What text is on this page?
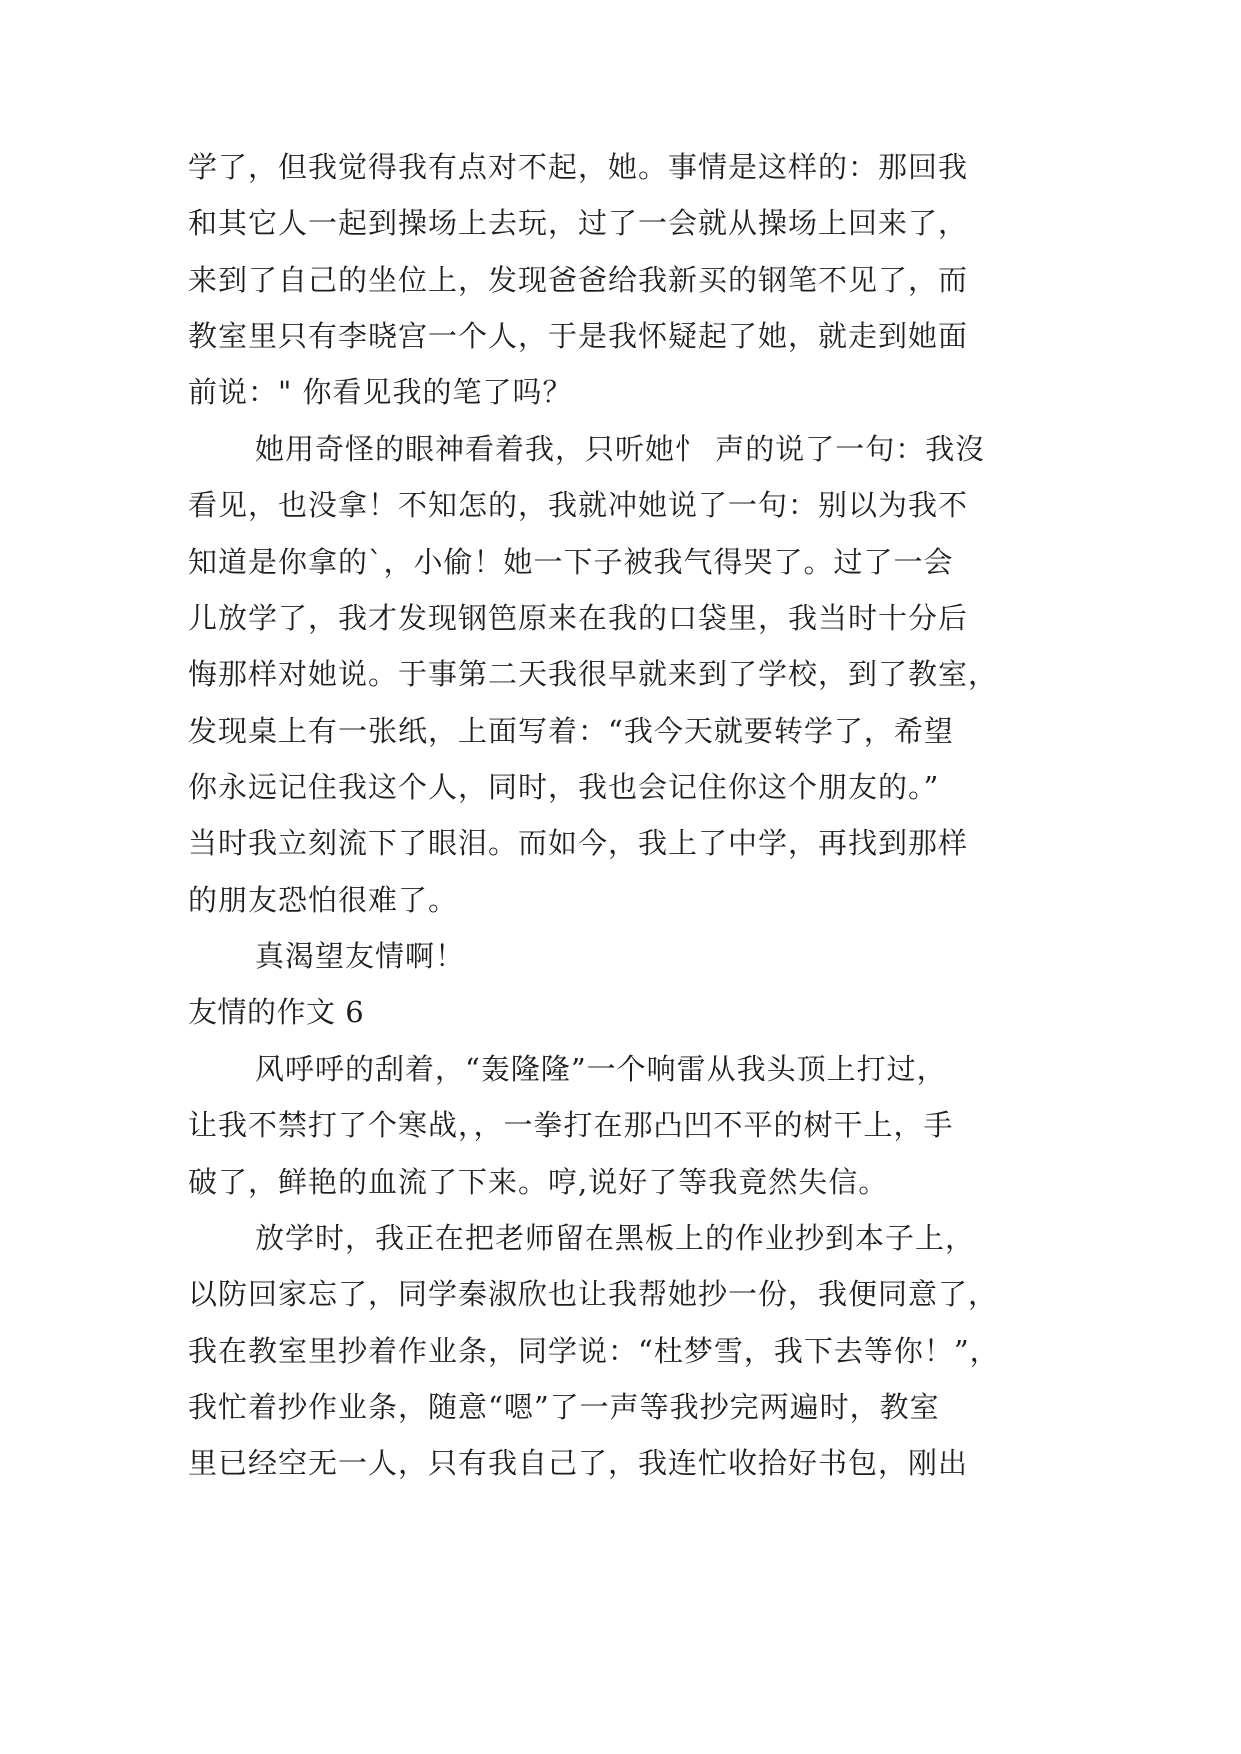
学了，但我觉得我有点对不起，她。事情是这样的：那回我
和其它人一起到操场上去玩，过了一会就从操场上回来了，
来到了自己的坐位上，发现爸爸给我新买的钢笔不见了，而
教室里只有李晓宫一个人，于是我怀疑起了她，就走到她面
前说：" 你看见我的笔了吗？
她用奇怪的眼神看着我，只听她忄 声的说了一句：我沒
看见，也没拿！不知怎的，我就冲她说了一句：别以为我不
知道是你拿的`，小偷！她一下子被我气得哭了。过了一会
儿放学了，我才发现钢笆原来在我的口袋里，我当时十分后
悔那样对她说。于事第二天我很早就来到了学校，到了教室，
发现桌上有一张纸，上面写着：“我今天就要转学了，希望
你永远记住我这个人，同时，我也会记住你这个朋友的。”
当时我立刻流下了眼泪。而如今，我上了中学，再找到那样
的朋友恐怕很难了。
真渴望友情啊！
友情的作文 6
风呼呼的刮着，“轰隆隆”一个响雷从我头顶上打过，
让我不禁打了个寒战，，一拳打在那凸凹不平的树干上，手
破了，鲜艳的血流了下来。哼,说好了等我竟然失信。
放学时，我正在把老师留在黑板上的作业抄到本子上，
以防回家忘了，同学秦淑欣也让我帮她抄一份，我便同意了，
我在教室里抄着作业条，同学说：“杜梦雪，我下去等你！”，
我忙着抄作业条，随意“嗯”了一声等我抄完两遍时，教室
里已经空无一人，只有我自己了，我连忙收拾好书包，刚出
